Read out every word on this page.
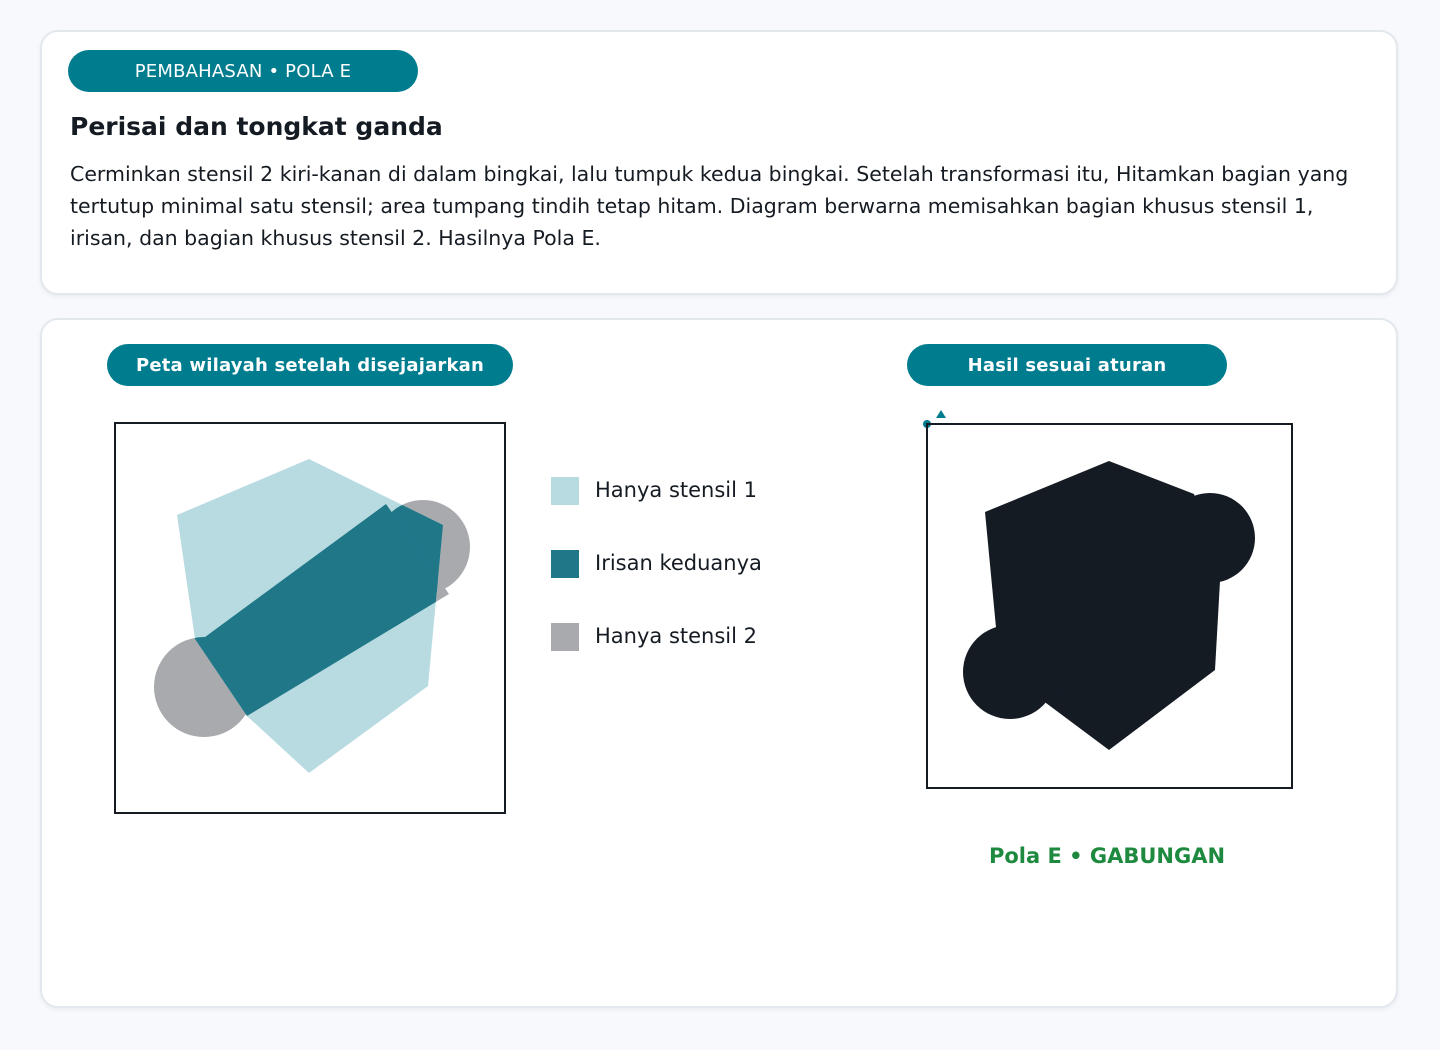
PEMBAHASAN • POLA E
Perisai dan tongkat ganda

Cerminkan stensil 2 kiri-kanan di dalam bingkai, lalu tumpuk kedua bingkai. Setelah transformasi itu, Hitamkan bagian yang tertutup minimal satu stensil; area tumpang tindih tetap hitam. Diagram berwarna memisahkan bagian khusus stensil 1, irisan, dan bagian khusus stensil 2. Hasilnya Pola E.

Peta wilayah setelah disejajarkan	Hasil sesuai aturan
Hanya stensil 1
Irisan keduanya
Hanya stensil 2
Pola E • GABUNGAN
